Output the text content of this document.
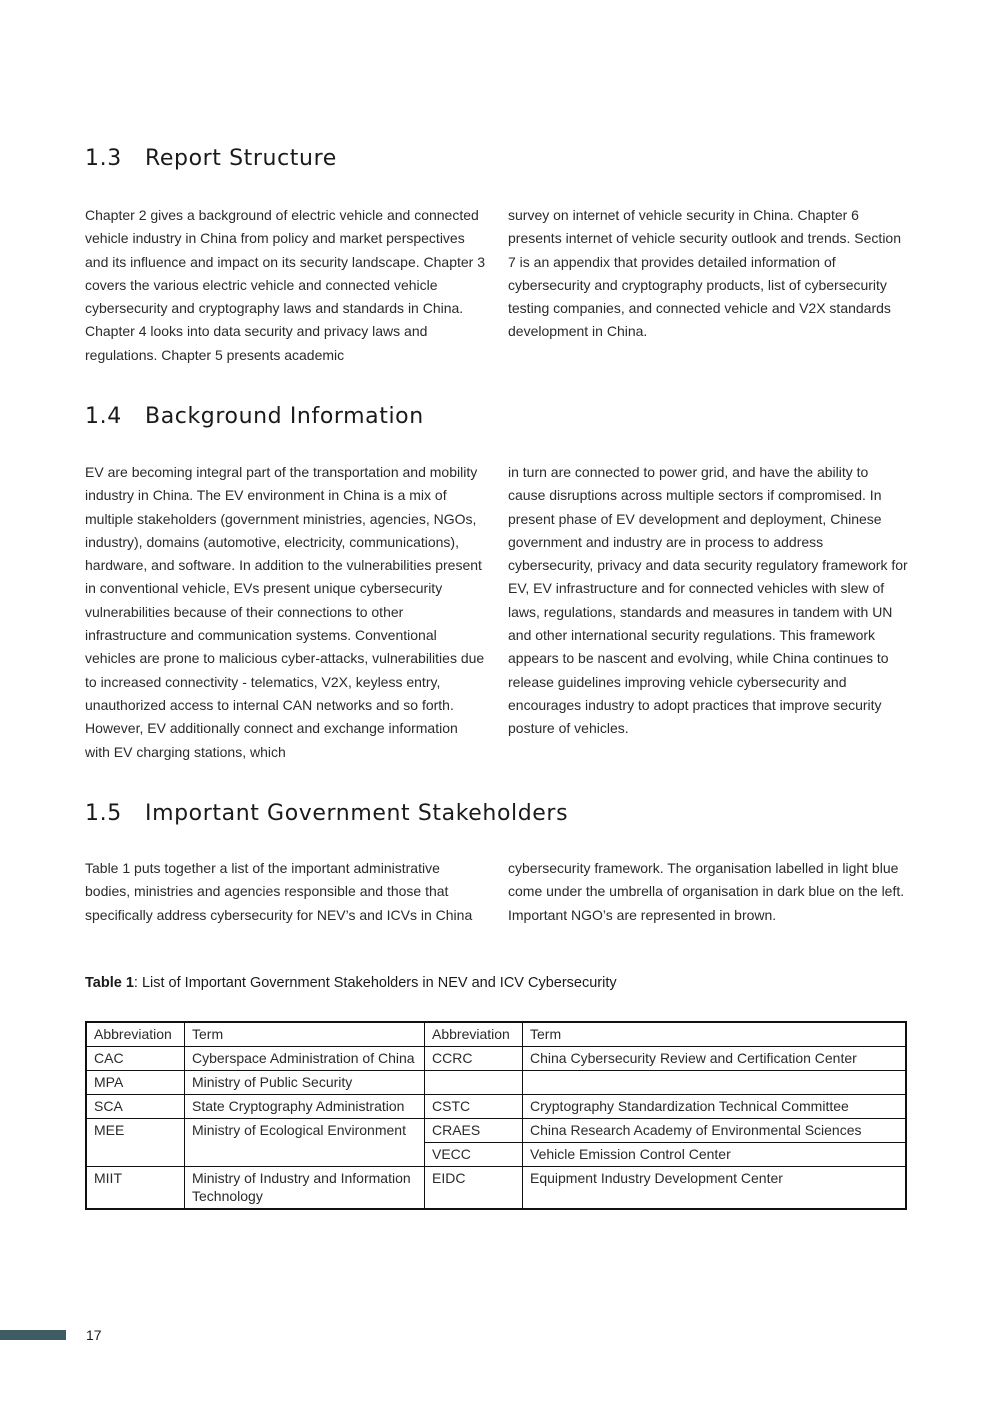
1.3 Report Structure

Chapter 2 gives a background of electric vehicle and connected vehicle industry in China from policy and market perspectives and its influence and impact on its security landscape. Chapter 3 covers the various electric vehicle and connected vehicle cybersecurity and cryptography laws and standards in China. Chapter 4 looks into data security and privacy laws and regulations. Chapter 5 presents academic

survey on internet of vehicle security in China. Chapter 6 presents internet of vehicle security outlook and trends. Section 7 is an appendix that provides detailed information of cybersecurity and cryptography products, list of cybersecurity testing companies, and connected vehicle and V2X standards development in China.

1.4 Background Information

EV are becoming integral part of the transportation and mobility industry in China. The EV environment in China is a mix of multiple stakeholders (government ministries, agencies, NGOs, industry), domains (automotive, electricity, communications), hardware, and software. In addition to the vulnerabilities present in conventional vehicle, EVs present unique cybersecurity vulnerabilities because of their connections to other infrastructure and communication systems. Conventional vehicles are prone to malicious cyber-attacks, vulnerabilities due to increased connectivity - telematics, V2X, keyless entry, unauthorized access to internal CAN networks and so forth. However, EV additionally connect and exchange information with EV charging stations, which

in turn are connected to power grid, and have the ability to cause disruptions across multiple sectors if compromised. In present phase of EV development and deployment, Chinese government and industry are in process to address cybersecurity, privacy and data security regulatory framework for EV, EV infrastructure and for connected vehicles with slew of laws, regulations, standards and measures in tandem with UN and other international security regulations. This framework appears to be nascent and evolving, while China continues to release guidelines improving vehicle cybersecurity and encourages industry to adopt practices that improve security posture of vehicles.

1.5 Important Government Stakeholders

Table 1 puts together a list of the important administrative bodies, ministries and agencies responsible and those that specifically address cybersecurity for NEV’s and ICVs in China

cybersecurity framework. The organisation labelled in light blue come under the umbrella of organisation in dark blue on the left. Important NGO’s are represented in brown.

Table 1: List of Important Government Stakeholders in NEV and ICV Cybersecurity

Abbreviation	Term	Abbreviation	Term
CAC	Cyberspace Administration of China	CCRC	China Cybersecurity Review and Certification Center
MPA	Ministry of Public Security		
SCA	State Cryptography Administration	CSTC	Cryptography Standardization Technical Committee
MEE	Ministry of Ecological Environment	CRAES	China Research Academy of Environmental Sciences
		VECC	Vehicle Emission Control Center
MIIT	Ministry of Industry and Information Technology	EIDC	Equipment Industry Development Center
17
